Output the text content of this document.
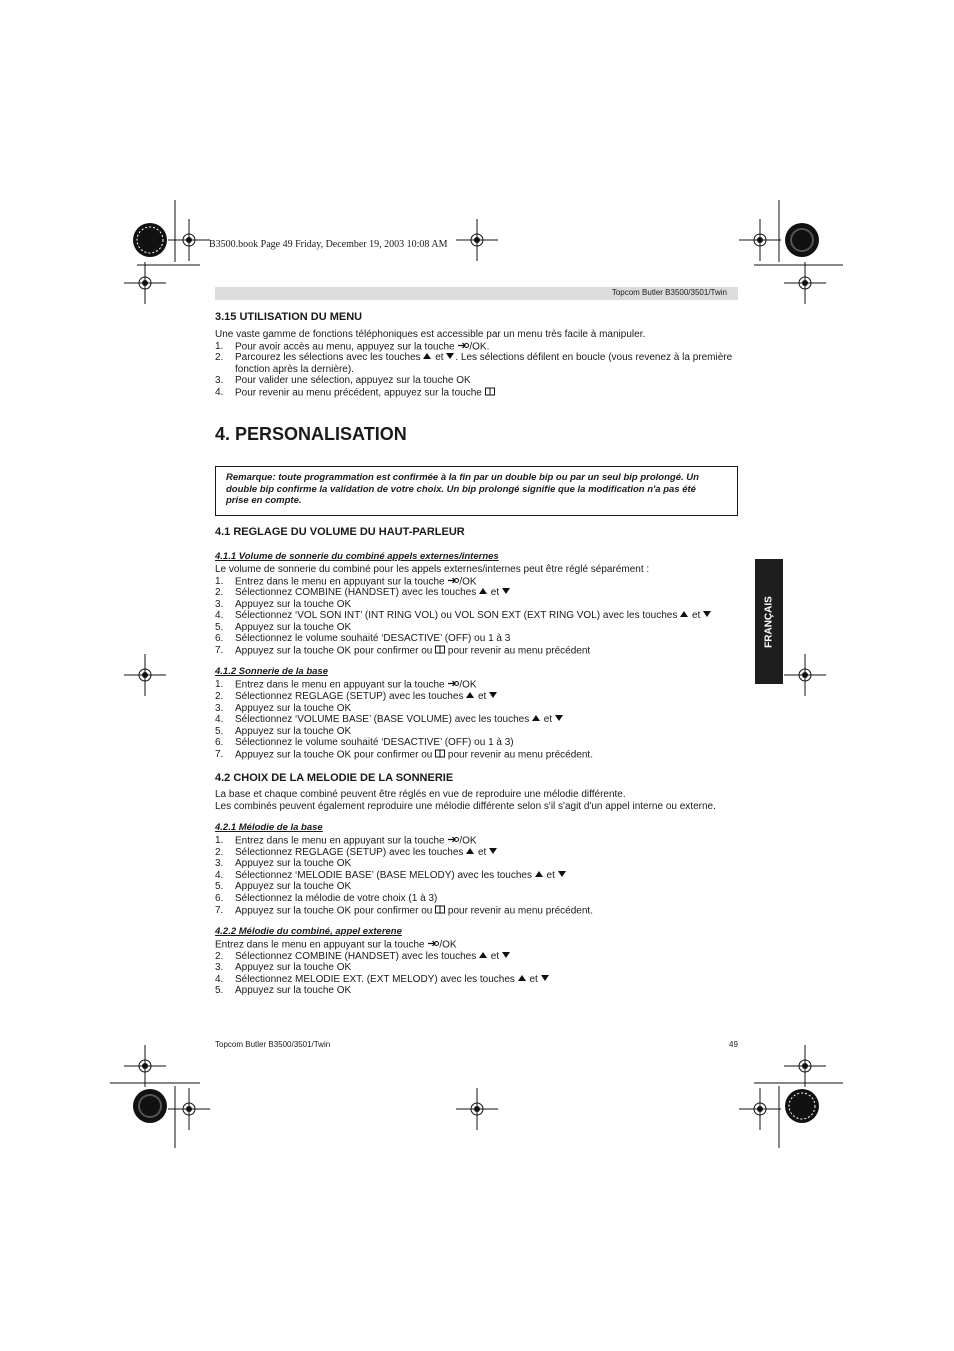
B3500.book Page 49 Friday, December 19, 2003 10:08 AM
Topcom Butler B3500/3501/Twin
3.15 UTILISATION DU MENU
Une vaste gamme de fonctions téléphoniques est accessible par un menu très facile à manipuler.
1. Pour avoir accès au menu, appuyez sur la touche /OK.
2. Parcourez les sélections avec les touches et . Les sélections défilent en boucle (vous revenez à la première
fonction après la dernière).
3. Pour valider une sélection, appuyez sur la touche OK
4. Pour revenir au menu précédent, appuyez sur la touche
4. PERSONALISATION
Remarque: toute programmation est confirmée à la fin par un double bip ou par un seul bip prolongé. Un double bip confirme la validation de votre choix. Un bip prolongé signifie que la modification n'a pas été prise en compte.
4.1 REGLAGE DU VOLUME DU HAUT-PARLEUR
4.1.1 Volume de sonnerie du combiné appels externes/internes
Le volume de sonnerie du combiné pour les appels externes/internes peut être réglé séparément :
1. Entrez dans le menu en appuyant sur la touche /OK
2. Sélectionnez COMBINE (HANDSET) avec les touches et
3. Appuyez sur la touche OK
4. Sélectionnez ‘VOL SON INT’ (INT RING VOL) ou VOL SON EXT (EXT RING VOL) avec les touches et
5. Appuyez sur la touche OK
6. Sélectionnez le volume souhaité ‘DESACTIVE’ (OFF) ou 1 à 3
7. Appuyez sur la touche OK pour confirmer ou pour revenir au menu précédent
4.1.2 Sonnerie de la base
1. Entrez dans le menu en appuyant sur la touche /OK
2. Sélectionnez REGLAGE (SETUP) avec les touches et
3. Appuyez sur la touche OK
4. Sélectionnez ‘VOLUME BASE’ (BASE VOLUME) avec les touches et
5. Appuyez sur la touche OK
6. Sélectionnez le volume souhaité ‘DESACTIVE’ (OFF) ou 1 à 3)
7. Appuyez sur la touche OK pour confirmer ou pour revenir au menu précédent.
4.2 CHOIX DE LA MELODIE DE LA SONNERIE
La base et chaque combiné peuvent être réglés en vue de reproduire une mélodie différente.
Les combinés peuvent également reproduire une mélodie différente selon s'il s'agit d'un appel interne ou externe.
4.2.1 Mélodie de la base
1. Entrez dans le menu en appuyant sur la touche /OK
2. Sélectionnez REGLAGE (SETUP) avec les touches et
3. Appuyez sur la touche OK
4. Sélectionnez ‘MELODIE BASE’ (BASE MELODY) avec les touches et
5. Appuyez sur la touche OK
6. Sélectionnez la mélodie de votre choix (1 à 3)
7. Appuyez sur la touche OK pour confirmer ou pour revenir au menu précédent.
4.2.2 Mélodie du combiné, appel exterene
Entrez dans le menu en appuyant sur la touche /OK
2. Sélectionnez COMBINE (HANDSET) avec les touches et
3. Appuyez sur la touche OK
4. Sélectionnez MELODIE EXT. (EXT MELODY) avec les touches et
5. Appuyez sur la touche OK
FRANÇAIS
Topcom Butler B3500/3501/Twin	49
